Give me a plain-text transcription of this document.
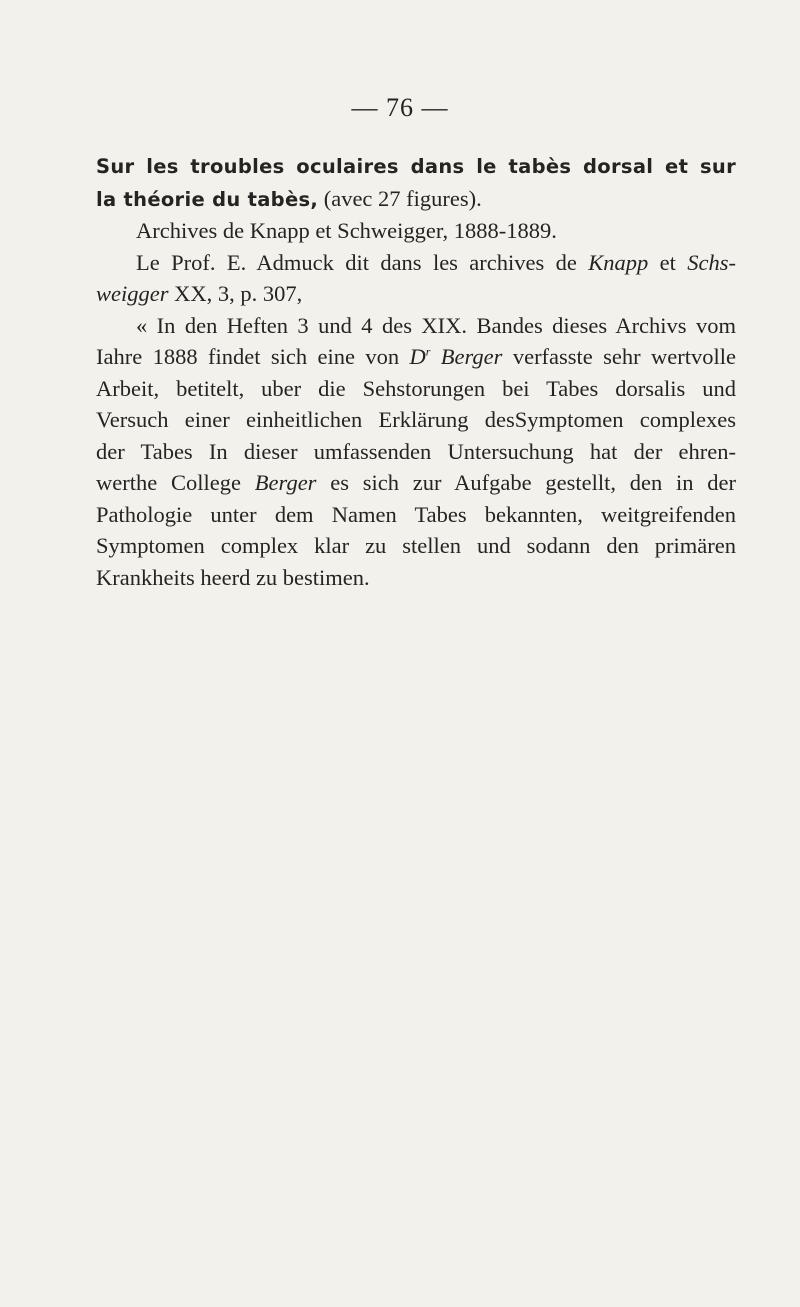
— 76 —
Sur les troubles oculaires dans le tabès dorsal et sur
la théorie du tabès, (avec 27 figures).
Archives de Knapp et Schweigger, 1888-1889.
Le Prof. E. Admuck dit dans les archives de Knapp et Schs-
weigger XX, 3, p. 307,
« In den Heften 3 und 4 des XIX. Bandes dieses Archivs vom
Iahre 1888 findet sich eine von $D^r$ Berger verfasste sehr wertvolle
Arbeit, betitelt, uber die Sehstorungen bei Tabes dorsalis und
Versuch einer einheitlichen Erklärung desSymptomen complexes
der Tabes In dieser umfassenden Untersuchung hat der ehren-
werthe College Berger es sich zur Aufgabe gestellt, den in der
Pathologie unter dem Namen Tabes bekannten, weitgreifenden
Symptomen complex klar zu stellen und sodann den primären
Krankheits heerd zu bestimen.
